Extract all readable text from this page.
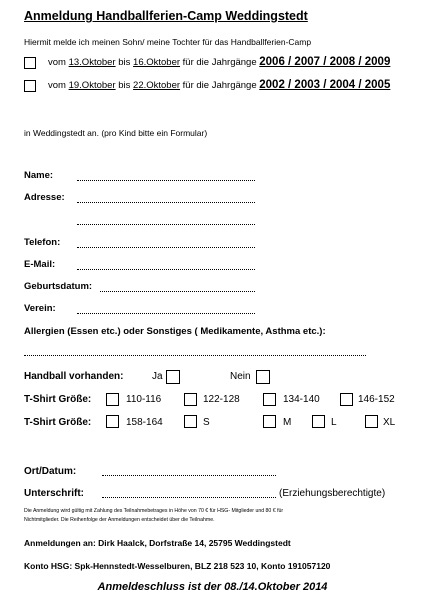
Anmeldung Handballferien-Camp Weddingstedt
Hiermit melde ich meinen Sohn/ meine Tochter für das Handballferien-Camp
vom 13.Oktober bis 16.Oktober für die Jahrgänge 2006 / 2007 / 2008 / 2009
vom 19.Oktober bis 22.Oktober für die Jahrgänge 2002 / 2003 / 2004 / 2005
in Weddingstedt an. (pro Kind bitte ein Formular)
Name:
Adresse:
Telefon:
E-Mail:
Geburtsdatum:
Verein:
Allergien (Essen etc.) oder Sonstiges ( Medikamente, Asthma etc.):
Handball vorhanden:	Ja	Nein
T-Shirt Größe:	110-116	122-128	134-140	146-152
T-Shirt Größe:	158-164	S	M	L	XL
Ort/Datum:
Unterschrift:	(Erziehungsberechtigte)
Die Anmeldung wird gültig mit Zahlung des Teilnahmebetrages in Höhe von 70 € für HSG- Mitglieder und 80 € für
Nichtmitglieder. Die Reihenfolge der Anmeldungen entscheidet über die Teilnahme.
Anmeldungen an: Dirk Haalck, Dorfstraße 14, 25795 Weddingstedt
Konto HSG: Spk-Hennstedt-Wesselburen, BLZ 218 523 10, Konto 191057120
Anmeldeschluss ist der 08./14.Oktober 2014
